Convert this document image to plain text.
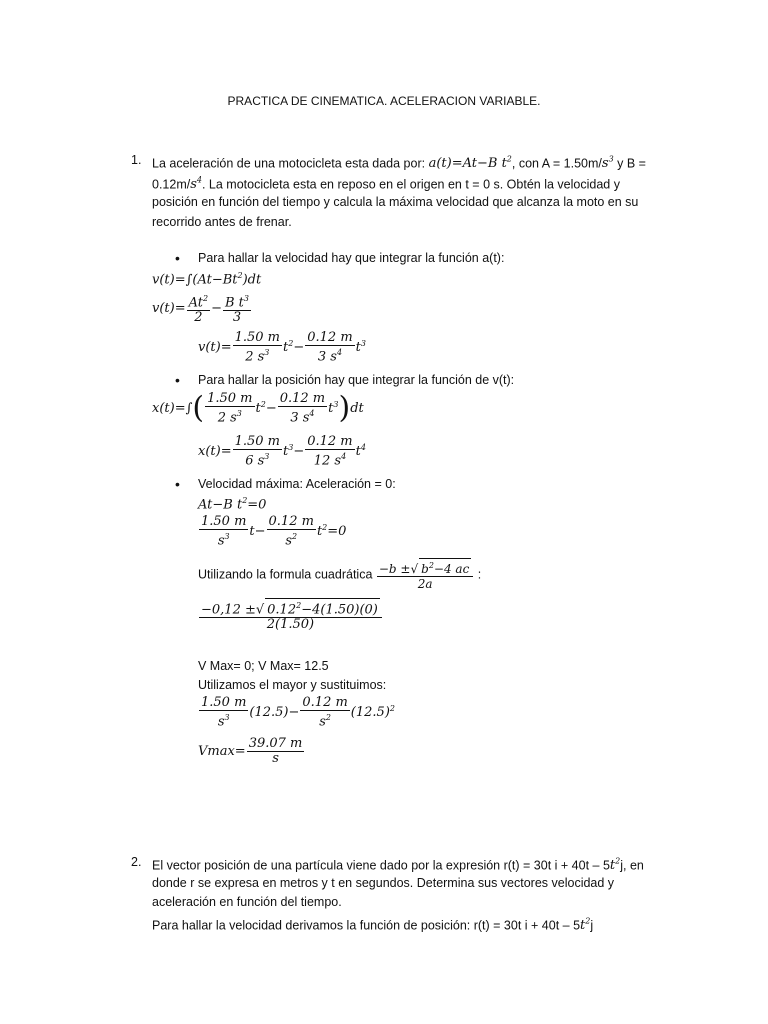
PRACTICA DE CINEMATICA. ACELERACION VARIABLE.
1. La aceleración de una motocicleta esta dada por: a(t)=At−B $t^2$, con $A = 1.50m/s^3$ y B =
$0.12m/s^4$. La motocicleta esta en reposo en el origen en t = 0 s. Obtén la velocidad y
posición en función del tiempo y calcula la máxima velocidad que alcanza la moto en su
recorrido antes de frenar.
• Para hallar la velocidad hay que integrar la función a(t):
$v(t)=\int(At-Bt^2)dt$
$v(t)= \frac{At^2}{2} - \frac{B t^3}{3}$
$v(t)= \frac{1.50 m}{2 s^3} t^2- \frac{0.12 m}{3 s^4} t^3$
• Para hallar la posición hay que integrar la función de v(t):
$x(t)=\int( \frac{1.50 m}{2 s^3} t^2- \frac{0.12 m}{3 s^4} t^3)dt$
$x(t)= \frac{1.50 m}{6 s^3} t^3- \frac{0.12 m}{12 s^4} t^4$
• Velocidad máxima: Aceleración = 0:
At−B $t^2=0$
$\frac{1.50 m}{s^3} t- \frac{0.12 m}{s^2} t^2=0$
Utilizando la formula cuadrática $\frac{-b \pm√ b^2-4 ac}{2a}$ :
$\frac{-0,12 \pm√ 0.12^2-4(1.50)(0)}{2(1.50)}$
V Max= 0; V Max= 12.5
Utilizamos el mayor y sustituimos:
$\frac{1.50 m}{s^3} (12.5)- \frac{0.12 m}{s^2} (12.5)^2$
$Vmax= \frac{39.07 m}{s}$
2. El vector posición de una partícula viene dado por la expresión r(t) = 30t $i + 40t - 5t^2j$, en
donde r se expresa en metros y t en segundos. Determina sus vectores velocidad y
aceleración en función del tiempo.
Para hallar la velocidad derivamos la función de posición: r(t) = 30t $i + 40t - 5t^2j$
